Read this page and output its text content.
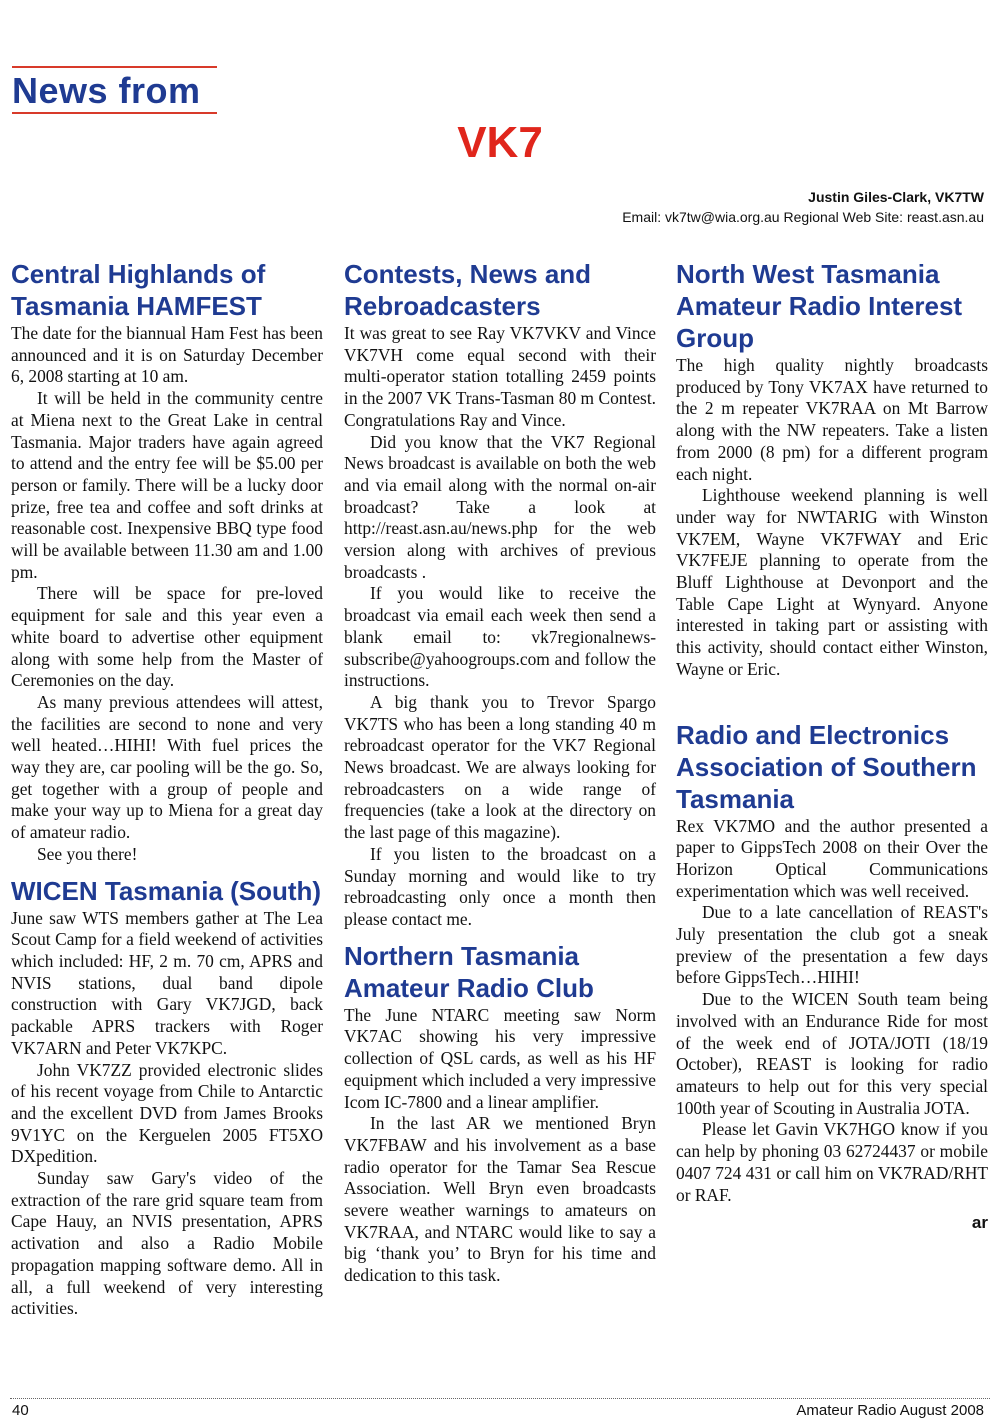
News from
VK7
Justin Giles-Clark, VK7TW
Email: vk7tw@wia.org.au Regional Web Site: reast.asn.au
Central Highlands of Tasmania HAMFEST

The date for the biannual Ham Fest has been announced and it is on Saturday December 6, 2008 starting at 10 am.

It will be held in the community centre at Miena next to the Great Lake in central Tasmania. Major traders have again agreed to attend and the entry fee will be $5.00 per person or family. There will be a lucky door prize, free tea and coffee and soft drinks at reasonable cost. Inexpensive BBQ type food will be available between 11.30 am and 1.00 pm.

There will be space for pre-loved equipment for sale and this year even a white board to advertise other equipment along with some help from the Master of Ceremonies on the day.

As many previous attendees will attest, the facilities are second to none and very well heated…HIHI! With fuel prices the way they are, car pooling will be the go. So, get together with a group of people and make your way up to Miena for a great day of amateur radio.

See you there!

WICEN Tasmania (South)

June saw WTS members gather at The Lea Scout Camp for a field weekend of activities which included: HF, 2 m. 70 cm, APRS and NVIS stations, dual band dipole construction with Gary VK7JGD, back packable APRS trackers with Roger VK7ARN and Peter VK7KPC.

John VK7ZZ provided electronic slides of his recent voyage from Chile to Antarctic and the excellent DVD from James Brooks 9V1YC on the Kerguelen 2005 FT5XO DXpedition.

Sunday saw Gary's video of the extraction of the rare grid square team from Cape Hauy, an NVIS presentation, APRS activation and also a Radio Mobile propagation mapping software demo. All in all, a full weekend of very interesting activities.

Contests, News and Rebroadcasters

It was great to see Ray VK7VKV and Vince VK7VH come equal second with their multi-operator station totalling 2459 points in the 2007 VK Trans-Tasman 80 m Contest. Congratulations Ray and Vince.

Did you know that the VK7 Regional News broadcast is available on both the web and via email along with the normal on-air broadcast? Take a look at http://reast.asn.au/news.php for the web version along with archives of previous broadcasts .

If you would like to receive the broadcast via email each week then send a blank email to: vk7regionalnews-subscribe@yahoogroups.com and follow the instructions.

A big thank you to Trevor Spargo VK7TS who has been a long standing 40 m rebroadcast operator for the VK7 Regional News broadcast. We are always looking for rebroadcasters on a wide range of frequencies (take a look at the directory on the last page of this magazine).

If you listen to the broadcast on a Sunday morning and would like to try rebroadcasting only once a month then please contact me.

Northern Tasmania Amateur Radio Club

The June NTARC meeting saw Norm VK7AC showing his very impressive collection of QSL cards, as well as his HF equipment which included a very impressive Icom IC-7800 and a linear amplifier.

In the last AR we mentioned Bryn VK7FBAW and his involvement as a base radio operator for the Tamar Sea Rescue Association. Well Bryn even broadcasts severe weather warnings to amateurs on VK7RAA, and NTARC would like to say a big ‘thank you’ to Bryn for his time and dedication to this task.

North West Tasmania Amateur Radio Interest Group

The high quality nightly broadcasts produced by Tony VK7AX have returned to the 2 m repeater VK7RAA on Mt Barrow along with the NW repeaters. Take a listen from 2000 (8 pm) for a different program each night.

Lighthouse weekend planning is well under way for NWTARIG with Winston VK7EM, Wayne VK7FWAY and Eric VK7FEJE planning to operate from the Bluff Lighthouse at Devonport and the Table Cape Light at Wynyard. Anyone interested in taking part or assisting with this activity, should contact either Winston, Wayne or Eric.

Radio and Electronics Association of Southern Tasmania

Rex VK7MO and the author presented a paper to GippsTech 2008 on their Over the Horizon Optical Communications experimentation which was well received.

Due to a late cancellation of REAST's July presentation the club got a sneak preview of the presentation a few days before GippsTech…HIHI!

Due to the WICEN South team being involved with an Endurance Ride for most of the week end of JOTA/JOTI (18/19 October), REAST is looking for radio amateurs to help out for this very special 100th year of Scouting in Australia JOTA.

Please let Gavin VK7HGO know if you can help by phoning 03 62724437 or mobile 0407 724 431 or call him on VK7RAD/RHT or RAF.

ar
40	Amateur Radio August 2008
